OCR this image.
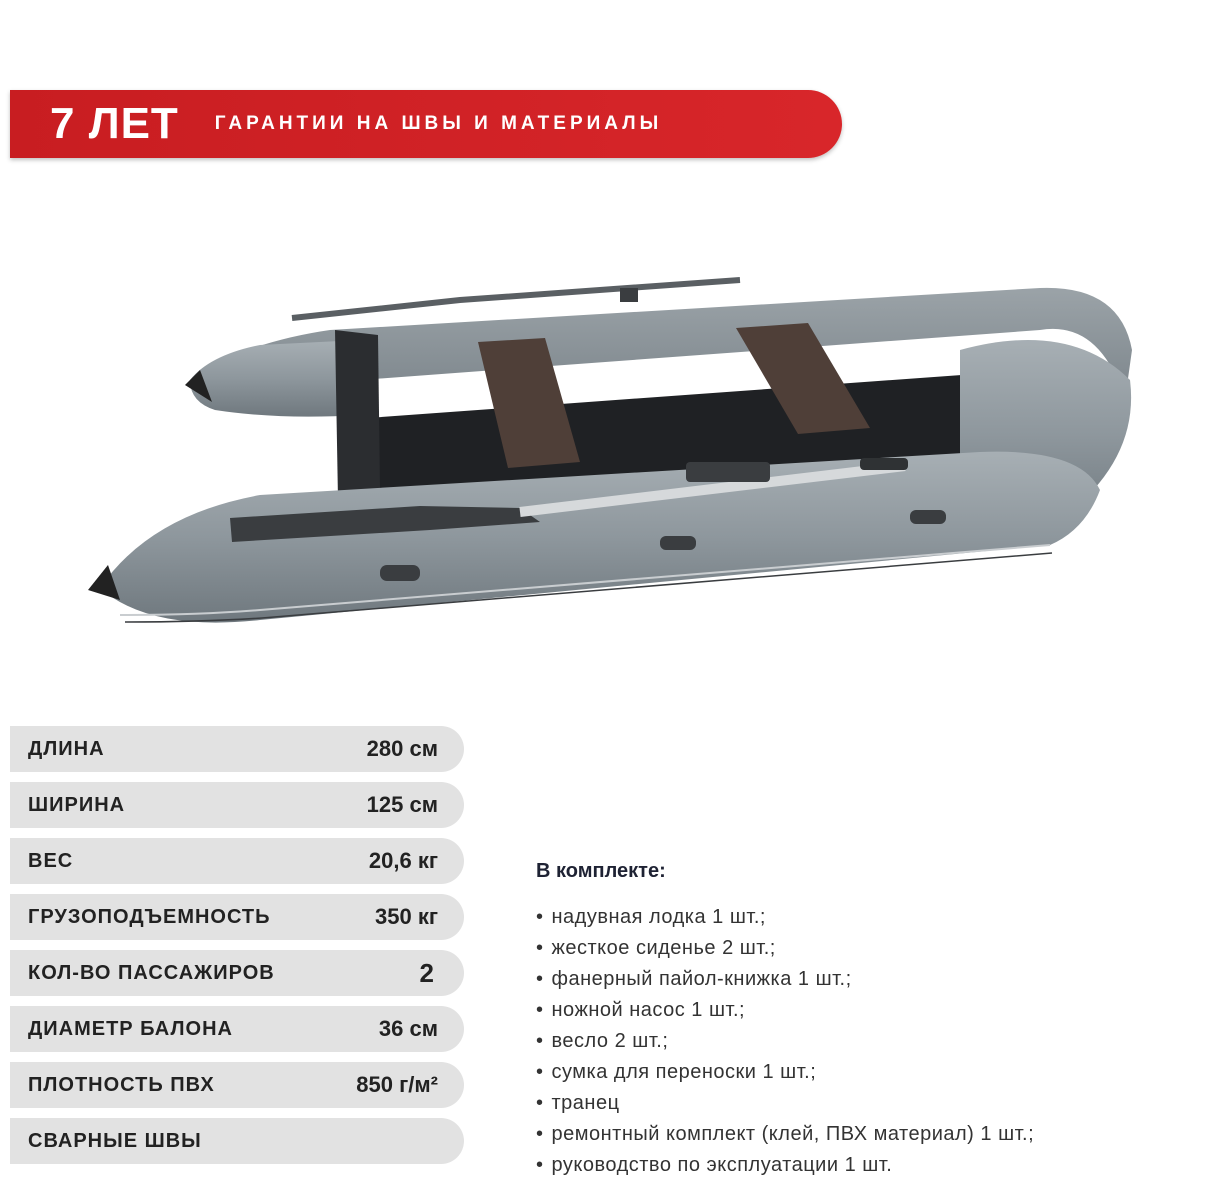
7 ЛЕТ ГАРАНТИИ НА ШВЫ И МАТЕРИАЛЫ
ДЛИНА	280 см
ШИРИНА	125 см
ВЕС	20,6 кг
ГРУЗОПОДЪЕМНОСТЬ	350 кг
КОЛ-ВО ПАССАЖИРОВ	2
ДИАМЕТР БАЛОНА	36 см
ПЛОТНОСТЬ ПВХ	850 г/м²
СВАРНЫЕ ШВЫ
В комплекте:
• надувная лодка 1 шт.;
• жесткое сиденье 2 шт.;
• фанерный пайол-книжка 1 шт.;
• ножной насос 1 шт.;
• весло 2 шт.;
• сумка для переноски 1 шт.;
• транец
• ремонтный комплект (клей, ПВХ материал) 1 шт.;
• руководство по эксплуатации 1 шт.
